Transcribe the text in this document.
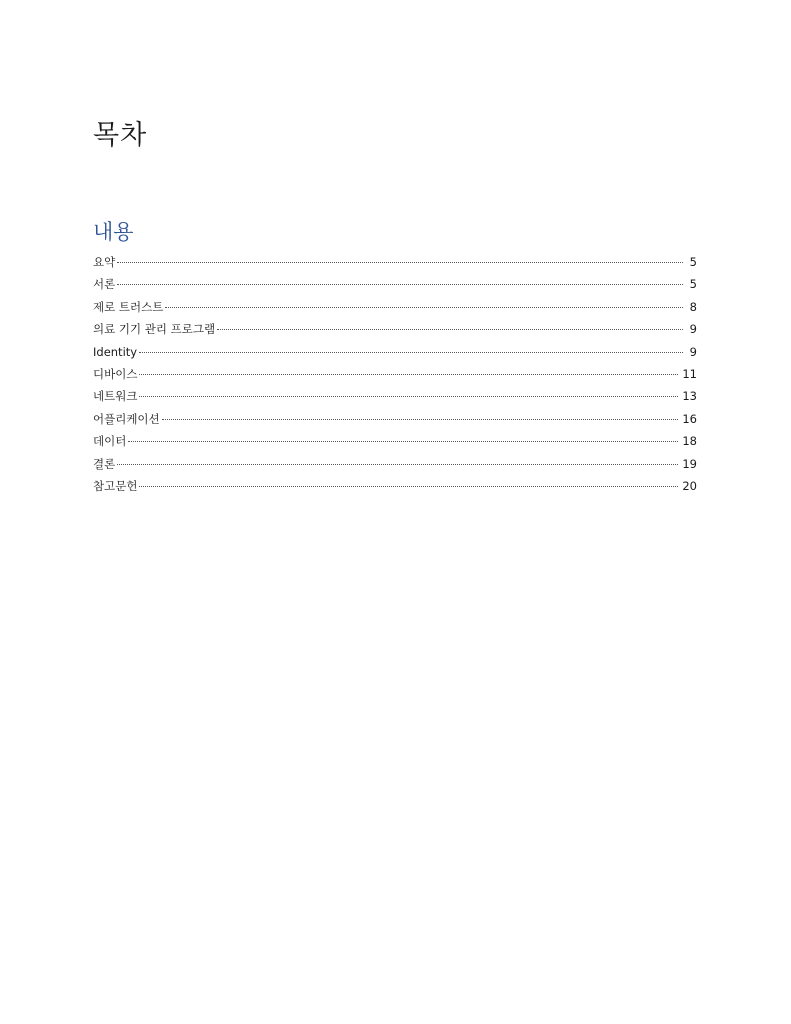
목차
내용
요약	5
서론	5
제로 트러스트	8
의료 기기 관리 프로그램	9
Identity	9
디바이스	11
네트워크	13
어플리케이션	16
데이터	18
결론	19
참고문헌	20
